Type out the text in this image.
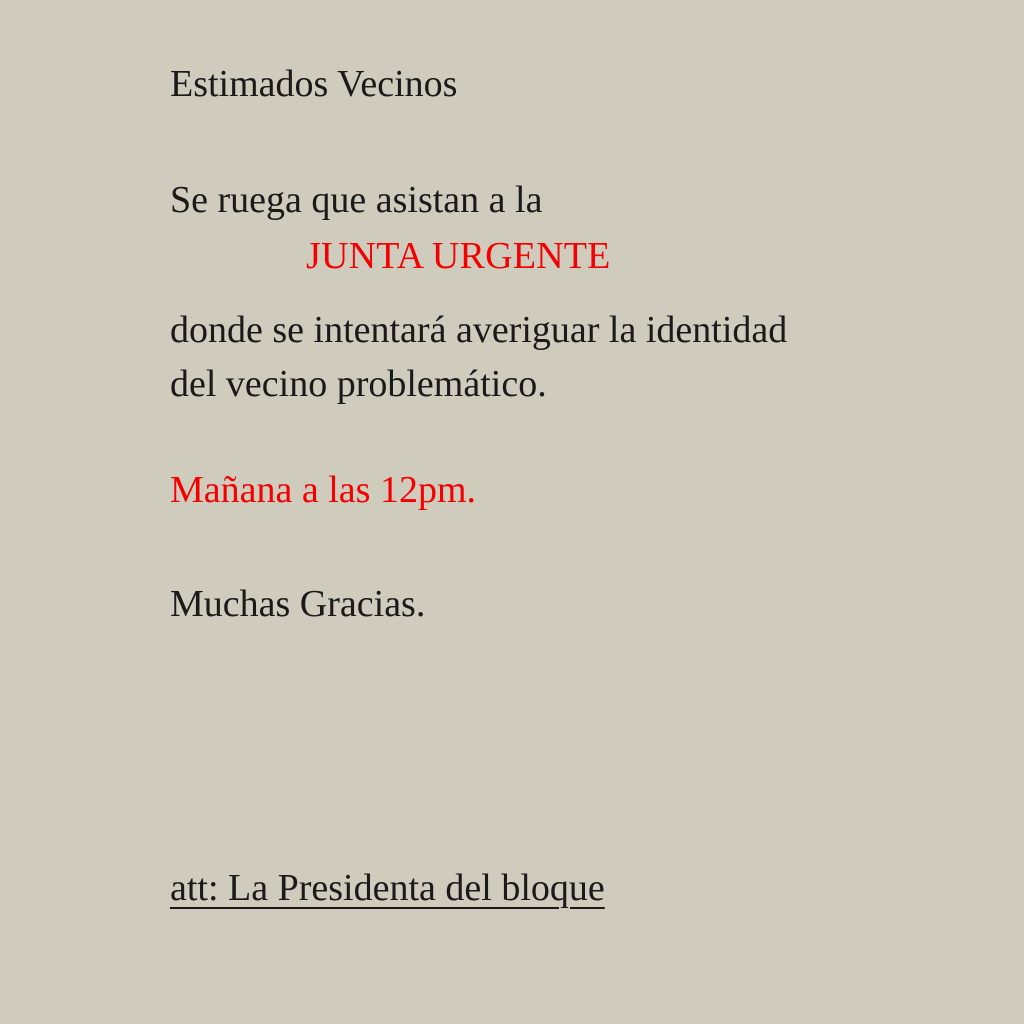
Estimados Vecinos

Se ruega que asistan a la

JUNTA URGENTE

donde se intentará averiguar la identidad

del vecino problemático.

Mañana a las 12pm.

Muchas Gracias.

att: La Presidenta del bloque
